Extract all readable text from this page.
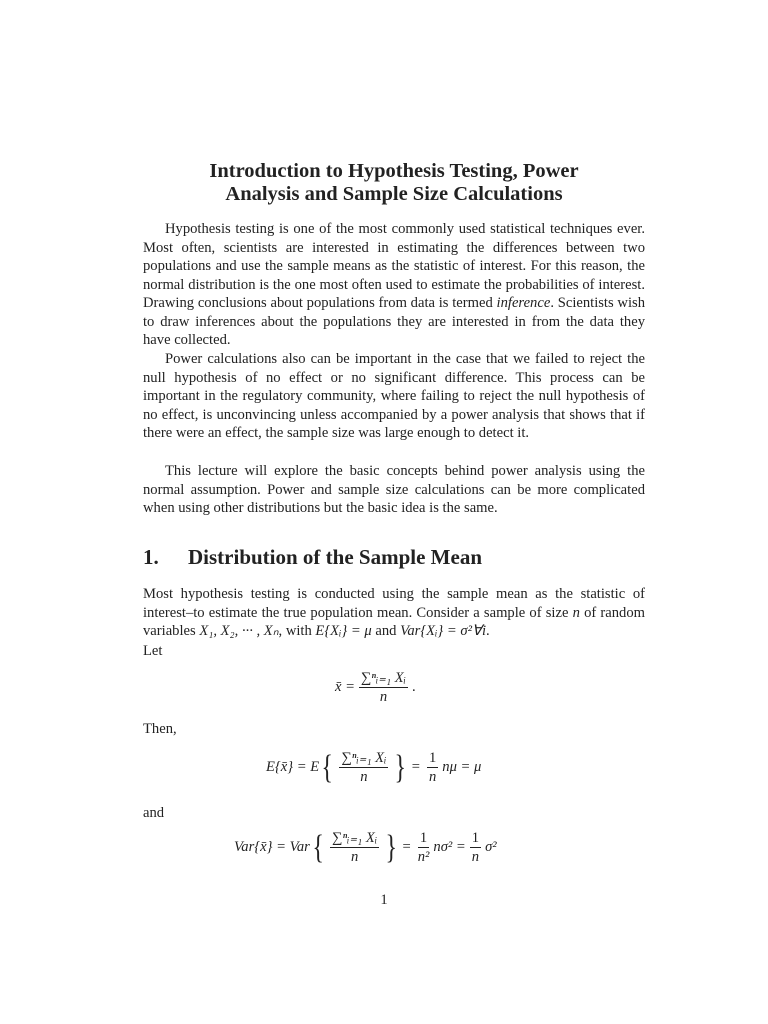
Introduction to Hypothesis Testing, Power
Analysis and Sample Size Calculations
Hypothesis testing is one of the most commonly used statistical techniques ever. Most often, scientists are interested in estimating the differences between two populations and use the sample means as the statistic of interest. For this reason, the normal distribution is the one most often used to estimate the probabilities of interest. Drawing conclusions about populations from data is termed inference. Scientists wish to draw inferences about the populations they are interested in from the data they have collected.
Power calculations also can be important in the case that we failed to reject the null hypothesis of no effect or no significant difference. This process can be important in the regulatory community, where failing to reject the null hypothesis of no effect, is unconvincing unless accompanied by a power analysis that shows that if there were an effect, the sample size was large enough to detect it.
This lecture will explore the basic concepts behind power analysis using the normal assumption. Power and sample size calculations can be more complicated when using other distributions but the basic idea is the same.
1. Distribution of the Sample Mean
Most hypothesis testing is conducted using the sample mean as the statistic of interest–to estimate the true population mean. Consider a sample of size n of random variables X₁, X₂, ··· , Xₙ, with E{Xᵢ} = μ and Var{Xᵢ} = σ²∀i.
Let
x̄ = $\frac{\text{∑ⁿᵢ₌₁ Xᵢ}}{n}$ .
Then,
E{x̄} = E { $\frac{\text{∑ⁿᵢ₌₁ Xᵢ}}{n}$ } = $\frac{1}{n}$ nμ = μ
and
Var{x̄} = Var { $\frac{\text{∑ⁿᵢ₌₁ Xᵢ}}{n}$ } = $\frac{1}{\text{n²}} n\sigma^2 = \frac{1}{n} \sigma^2$
1
